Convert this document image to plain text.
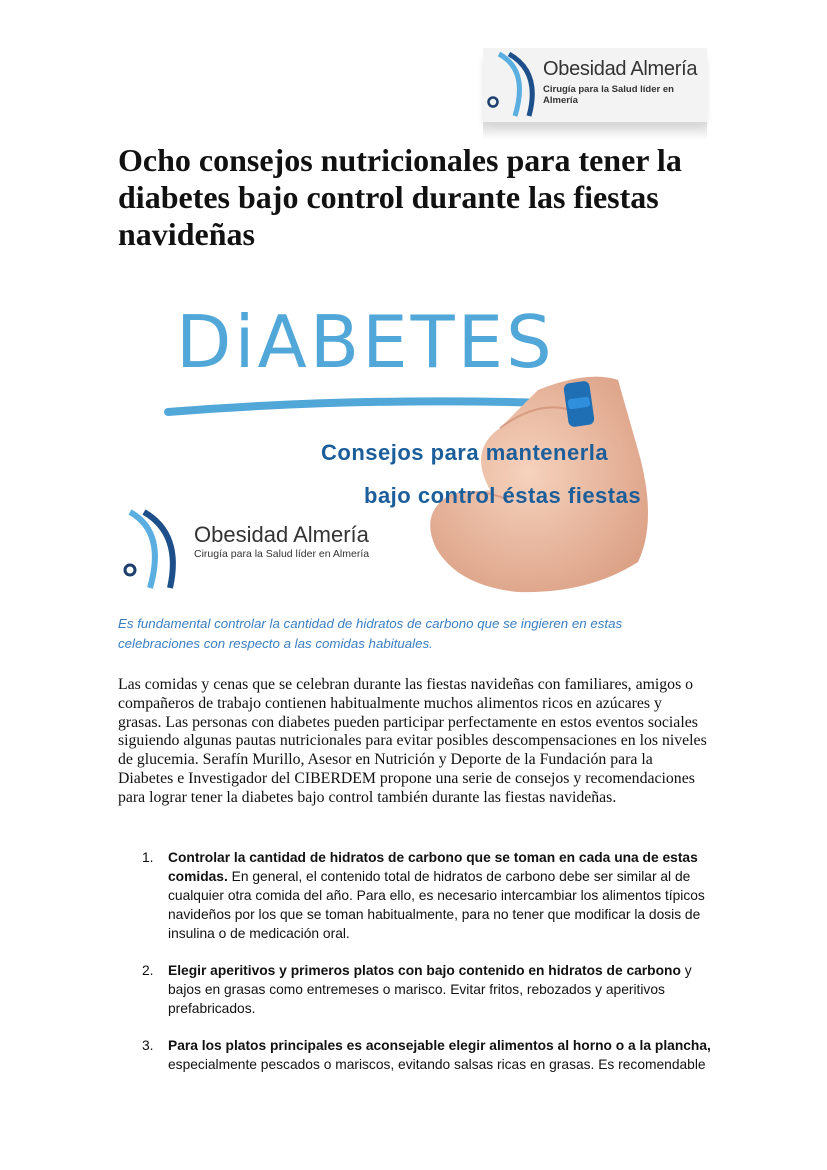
Obesidad Almería
Cirugía para la Salud líder en Almería
Ocho consejos nutricionales para tener la diabetes bajo control durante las fiestas navideñas
DiABETES
Consejos para mantenerla
bajo control éstas fiestas
Obesidad Almería
Cirugía para la Salud líder en Almería

Es fundamental controlar la cantidad de hidratos de carbono que se ingieren en estas celebraciones con respecto a las comidas habituales.

Las comidas y cenas que se celebran durante las fiestas navideñas con familiares, amigos o compañeros de trabajo contienen habitualmente muchos alimentos ricos en azúcares y grasas. Las personas con diabetes pueden participar perfectamente en estos eventos sociales siguiendo algunas pautas nutricionales para evitar posibles descompensaciones en los niveles de glucemia. Serafín Murillo, Asesor en Nutrición y Deporte de la Fundación para la Diabetes e Investigador del CIBERDEM propone una serie de consejos y recomendaciones para lograr tener la diabetes bajo control también durante las fiestas navideñas.

1. Controlar la cantidad de hidratos de carbono que se toman en cada una de estas comidas. En general, el contenido total de hidratos de carbono debe ser similar al de cualquier otra comida del año. Para ello, es necesario intercambiar los alimentos típicos navideños por los que se toman habitualmente, para no tener que modificar la dosis de insulina o de medicación oral.
2. Elegir aperitivos y primeros platos con bajo contenido en hidratos de carbono y bajos en grasas como entremeses o marisco. Evitar fritos, rebozados y aperitivos prefabricados.
3. Para los platos principales es aconsejable elegir alimentos al horno o a la plancha, especialmente pescados o mariscos, evitando salsas ricas en grasas. Es recomendable
